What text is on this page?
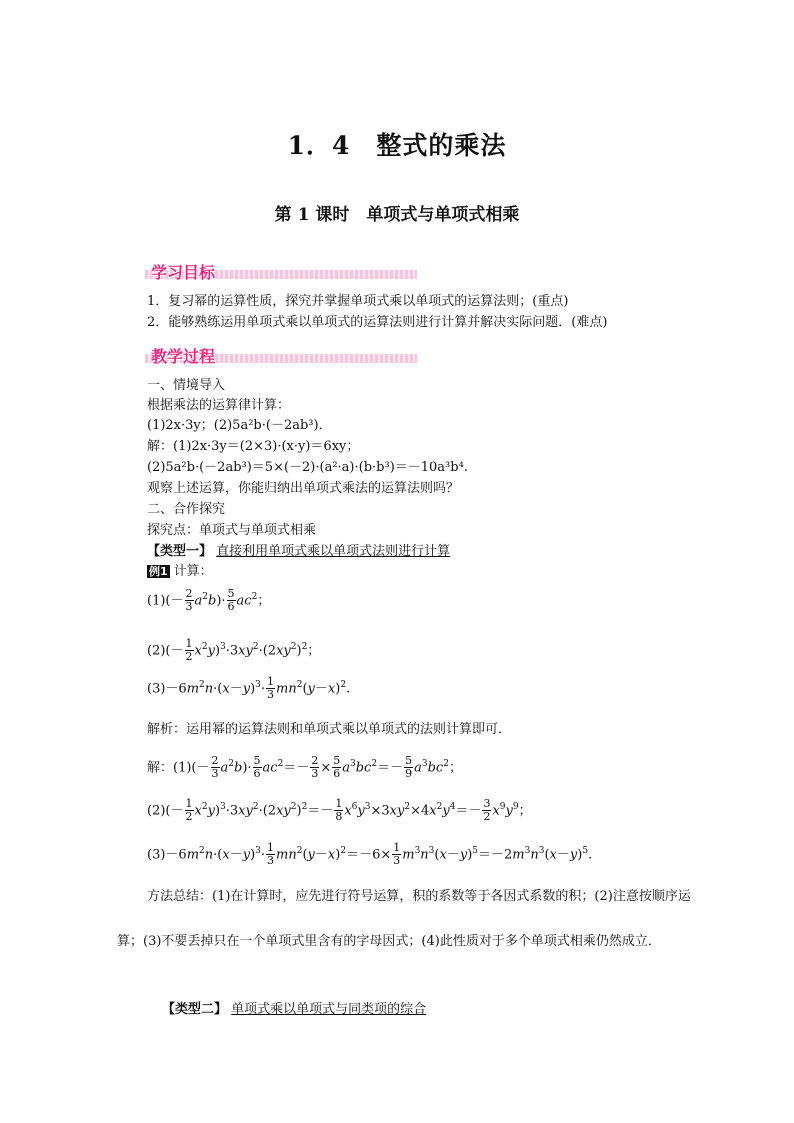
1．4　整式的乘法
第 1 课时　单项式与单项式相乘
学习目标
1．复习幂的运算性质，探究并掌握单项式乘以单项式的运算法则；(重点)
2．能够熟练运用单项式乘以单项式的运算法则进行计算并解决实际问题．(难点)
教学过程
一、情境导入
根据乘法的运算律计算：
(1)2x·3y；(2)5a²b·(－2ab³)．
解：(1)2x·3y＝(2×3)·(x·y)＝6xy；
(2)5a²b·(－2ab³)＝5×(－2)·(a²·a)·(b·b³)＝－10a³b⁴.
观察上述运算，你能归纳出单项式乘法的运算法则吗？
二、合作探究
探究点：单项式与单项式相乘
【类型一】 直接利用单项式乘以单项式法则进行计算
例1 计算：
$(1)(- \frac{2}{3} a^2b)\cdot \frac{5}{6} ac^2$；
$(2)(- \frac{1}{2} x^2y)^3\cdot 3xy^2\cdot(2xy^2)^2$；
$(3)-6m^2n\cdot(x-y)^3\cdot \frac{1}{3} mn^2(y-x)^2$.
解析：运用幂的运算法则和单项式乘以单项式的法则计算即可．
解：$(1)(- \frac{2}{3} a^2b)\cdot \frac{5}{6} ac^2=- \frac{2}{3} \times \frac{5}{6} a^3bc^2=- \frac{5}{9} a^3bc^2$；
$(2)(- \frac{1}{2} x^2y)^3\cdot 3xy^2\cdot(2xy^2)^2=- \frac{1}{8} x^6y^3\times 3xy^2\times 4x^2y^4=- \frac{3}{2} x^9y^9$；
$(3)-6m^2n\cdot(x-y)^3\cdot \frac{1}{3} mn^2(y-x)^2=-6\times \frac{1}{3} m^3n^3(x-y)^5=-2m^3n^3(x-y)^5$.
方法总结：(1)在计算时，应先进行符号运算，积的系数等于各因式系数的积；(2)注意按顺序运算；(3)不要丢掉只在一个单项式里含有的字母因式；(4)此性质对于多个单项式相乘仍然成立．
【类型二】 单项式乘以单项式与同类项的综合
